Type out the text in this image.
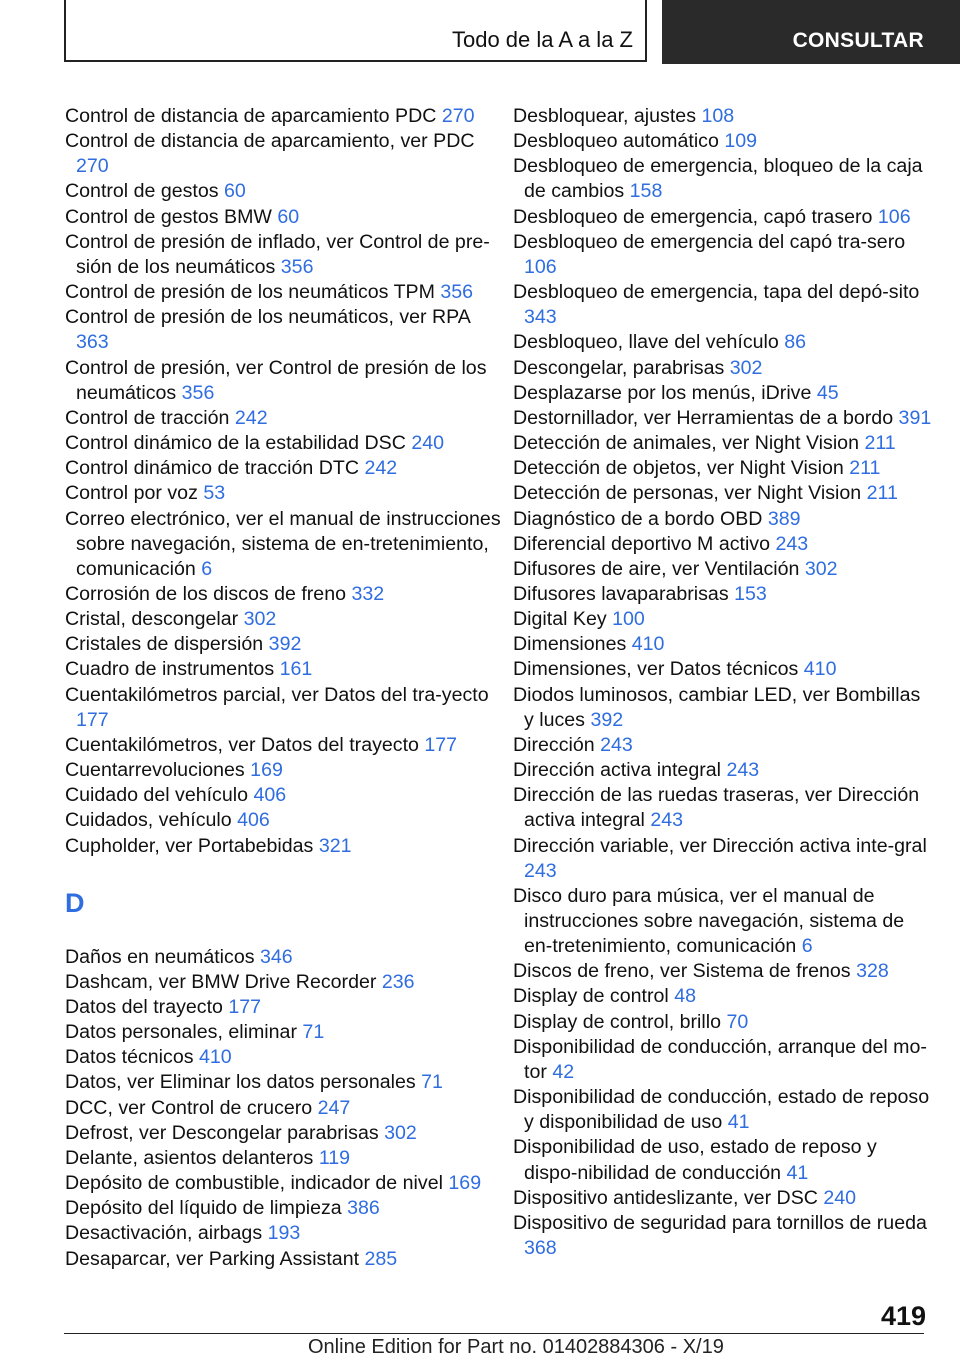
Todo de la A a la Z	CONSULTAR
Control de distancia de aparcamiento PDC 270
Control de distancia de aparcamiento, ver PDC 270
Control de gestos 60
Control de gestos BMW 60
Control de presión de inflado, ver Control de pre-sión de los neumáticos 356
Control de presión de los neumáticos TPM 356
Control de presión de los neumáticos, ver RPA 363
Control de presión, ver Control de presión de los neumáticos 356
Control de tracción 242
Control dinámico de la estabilidad DSC 240
Control dinámico de tracción DTC 242
Control por voz 53
Correo electrónico, ver el manual de instrucciones sobre navegación, sistema de en-tretenimiento, comunicación 6
Corrosión de los discos de freno 332
Cristal, descongelar 302
Cristales de dispersión 392
Cuadro de instrumentos 161
Cuentakilómetros parcial, ver Datos del tra-yecto 177
Cuentakilómetros, ver Datos del trayecto 177
Cuentarrevoluciones 169
Cuidado del vehículo 406
Cuidados, vehículo 406
Cupholder, ver Portabebidas 321
D
Daños en neumáticos 346
Dashcam, ver BMW Drive Recorder 236
Datos del trayecto 177
Datos personales, eliminar 71
Datos técnicos 410
Datos, ver Eliminar los datos personales 71
DCC, ver Control de crucero 247
Defrost, ver Descongelar parabrisas 302
Delante, asientos delanteros 119
Depósito de combustible, indicador de nivel 169
Depósito del líquido de limpieza 386
Desactivación, airbags 193
Desaparcar, ver Parking Assistant 285
Desbloquear, ajustes 108
Desbloqueo automático 109
Desbloqueo de emergencia, bloqueo de la caja de cambios 158
Desbloqueo de emergencia, capó trasero 106
Desbloqueo de emergencia del capó tra-sero 106
Desbloqueo de emergencia, tapa del depó-sito 343
Desbloqueo, llave del vehículo 86
Descongelar, parabrisas 302
Desplazarse por los menús, iDrive 45
Destornillador, ver Herramientas de a bordo 391
Detección de animales, ver Night Vision 211
Detección de objetos, ver Night Vision 211
Detección de personas, ver Night Vision 211
Diagnóstico de a bordo OBD 389
Diferencial deportivo M activo 243
Difusores de aire, ver Ventilación 302
Difusores lavaparabrisas 153
Digital Key 100
Dimensiones 410
Dimensiones, ver Datos técnicos 410
Diodos luminosos, cambiar LED, ver Bombillas y luces 392
Dirección 243
Dirección activa integral 243
Dirección de las ruedas traseras, ver Dirección activa integral 243
Dirección variable, ver Dirección activa inte-gral 243
Disco duro para música, ver el manual de instrucciones sobre navegación, sistema de en-tretenimiento, comunicación 6
Discos de freno, ver Sistema de frenos 328
Display de control 48
Display de control, brillo 70
Disponibilidad de conducción, arranque del mo-tor 42
Disponibilidad de conducción, estado de reposo y disponibilidad de uso 41
Disponibilidad de uso, estado de reposo y dispo-nibilidad de conducción 41
Dispositivo antideslizante, ver DSC 240
Dispositivo de seguridad para tornillos de rueda 368
419
Online Edition for Part no. 01402884306 - X/19
